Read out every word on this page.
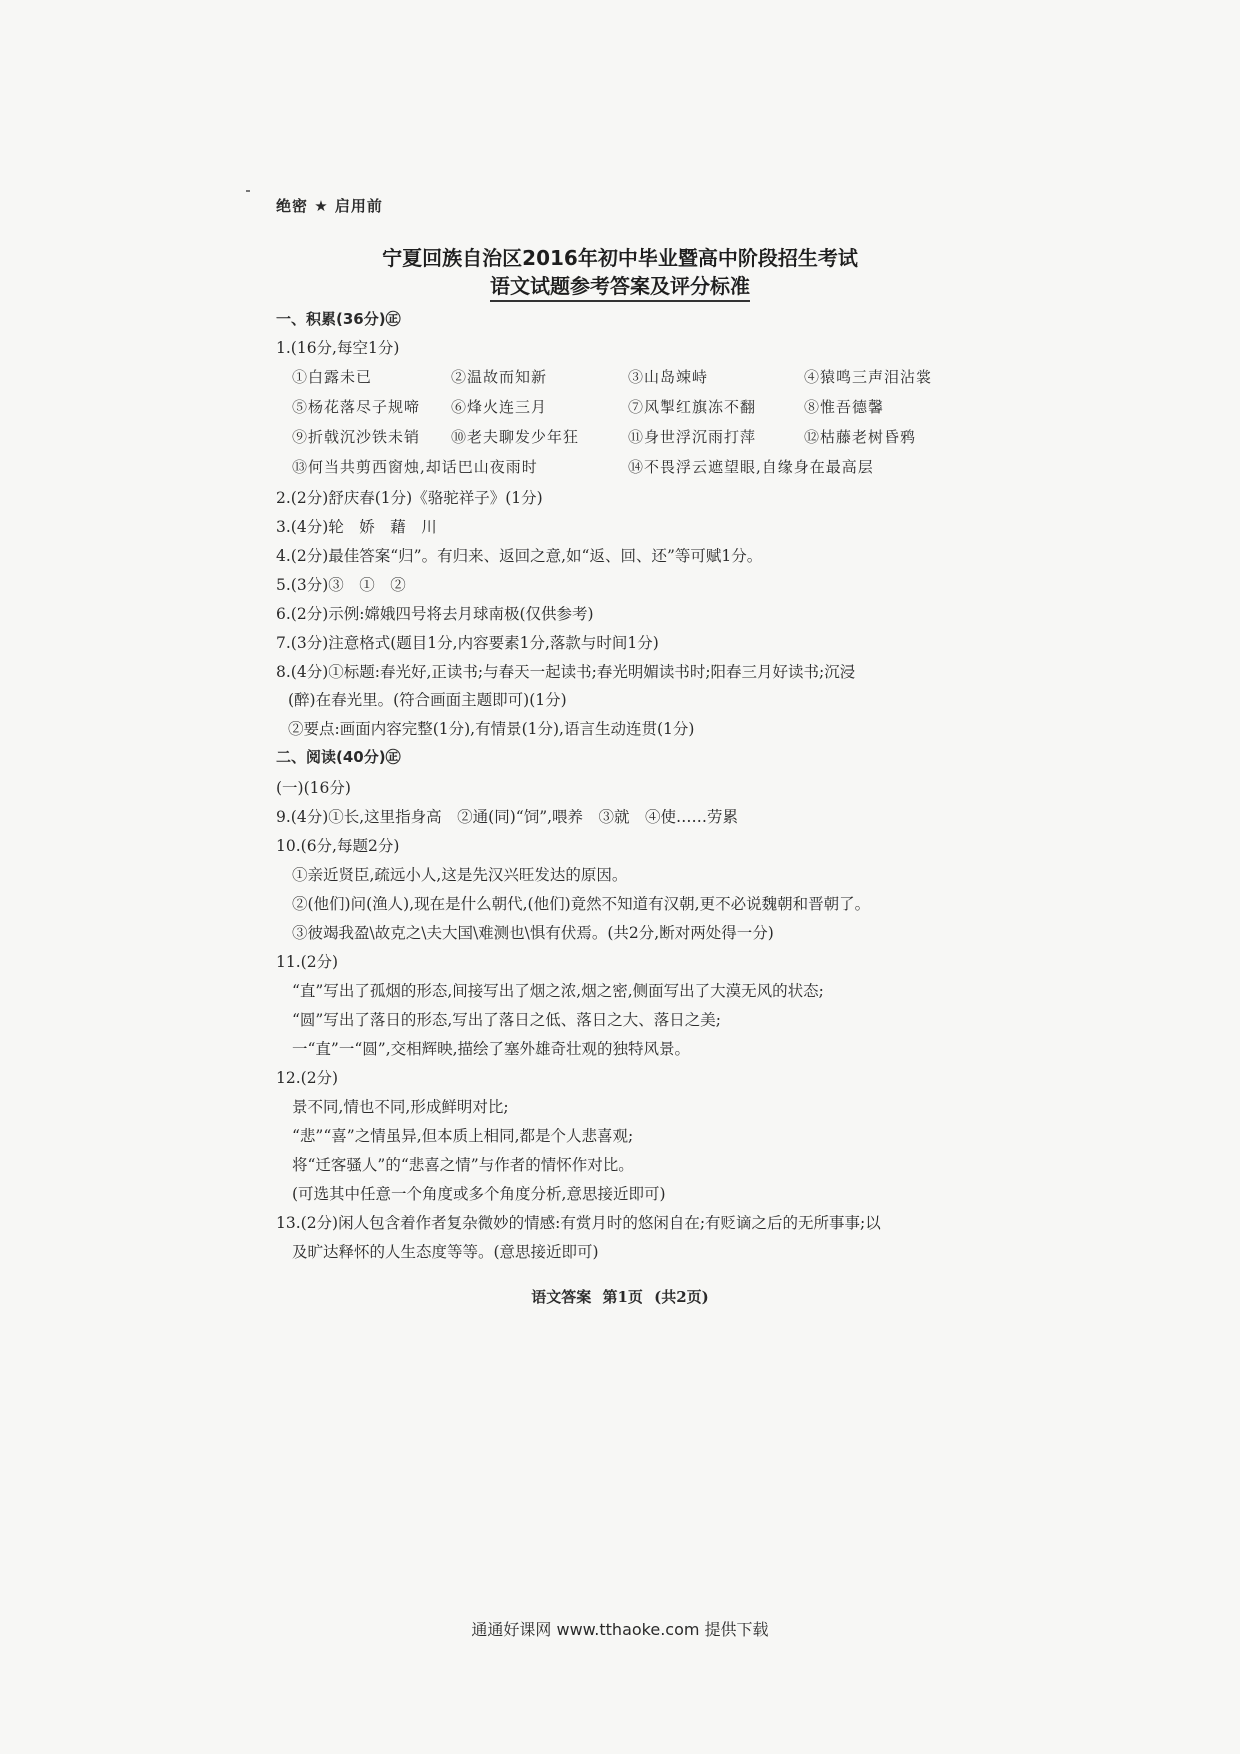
绝密 ★ 启用前
宁夏回族自治区2016年初中毕业暨高中阶段招生考试
语文试题参考答案及评分标准
一、积累(36分)㊣
1.(16分,每空1分)
①白露未已	②温故而知新	③山岛竦峙	④猿鸣三声泪沾裳
⑤杨花落尽子规啼 ⑥烽火连三月	⑦风掣红旗冻不翻	⑧惟吾德馨
⑨折戟沉沙铁未销 ⑩老夫聊发少年狂	⑪身世浮沉雨打萍	⑫枯藤老树昏鸦
⑬何当共剪西窗烛,却话巴山夜雨时	⑭不畏浮云遮望眼,自缘身在最高层
2.(2分)舒庆春(1分)《骆驼祥子》(1分)
3.(4分)轮　娇　藉　川
4.(2分)最佳答案“归”。有归来、返回之意,如“返、回、还”等可赋1分。
5.(3分)③　①　②
6.(2分)示例:嫦娥四号将去月球南极(仅供参考)
7.(3分)注意格式(题目1分,内容要素1分,落款与时间1分)
8.(4分)①标题:春光好,正读书;与春天一起读书;春光明媚读书时;阳春三月好读书;沉浸
(醉)在春光里。(符合画面主题即可)(1分)
②要点:画面内容完整(1分),有情景(1分),语言生动连贯(1分)
二、阅读(40分)㊣
(一)(16分)
9.(4分)①长,这里指身高　②通(同)“饲”,喂养　③就　④使……劳累
10.(6分,每题2分)
①亲近贤臣,疏远小人,这是先汉兴旺发达的原因。
②(他们)问(渔人),现在是什么朝代,(他们)竟然不知道有汉朝,更不必说魏朝和晋朝了。
③彼竭我盈\故克之\夫大国\难测也\惧有伏焉。(共2分,断对两处得一分)
11.(2分)
“直”写出了孤烟的形态,间接写出了烟之浓,烟之密,侧面写出了大漠无风的状态;
“圆”写出了落日的形态,写出了落日之低、落日之大、落日之美;
一“直”一“圆”,交相辉映,描绘了塞外雄奇壮观的独特风景。
12.(2分)
景不同,情也不同,形成鲜明对比;
“悲”“喜”之情虽异,但本质上相同,都是个人悲喜观;
将“迁客骚人”的“悲喜之情”与作者的情怀作对比。
(可选其中任意一个角度或多个角度分析,意思接近即可)
13.(2分)闲人包含着作者复杂微妙的情感:有赏月时的悠闲自在;有贬谪之后的无所事事;以
及旷达释怀的人生态度等等。(意思接近即可)
语文答案 第1页 (共2页)
通通好课网 www.tthaoke.com 提供下载
